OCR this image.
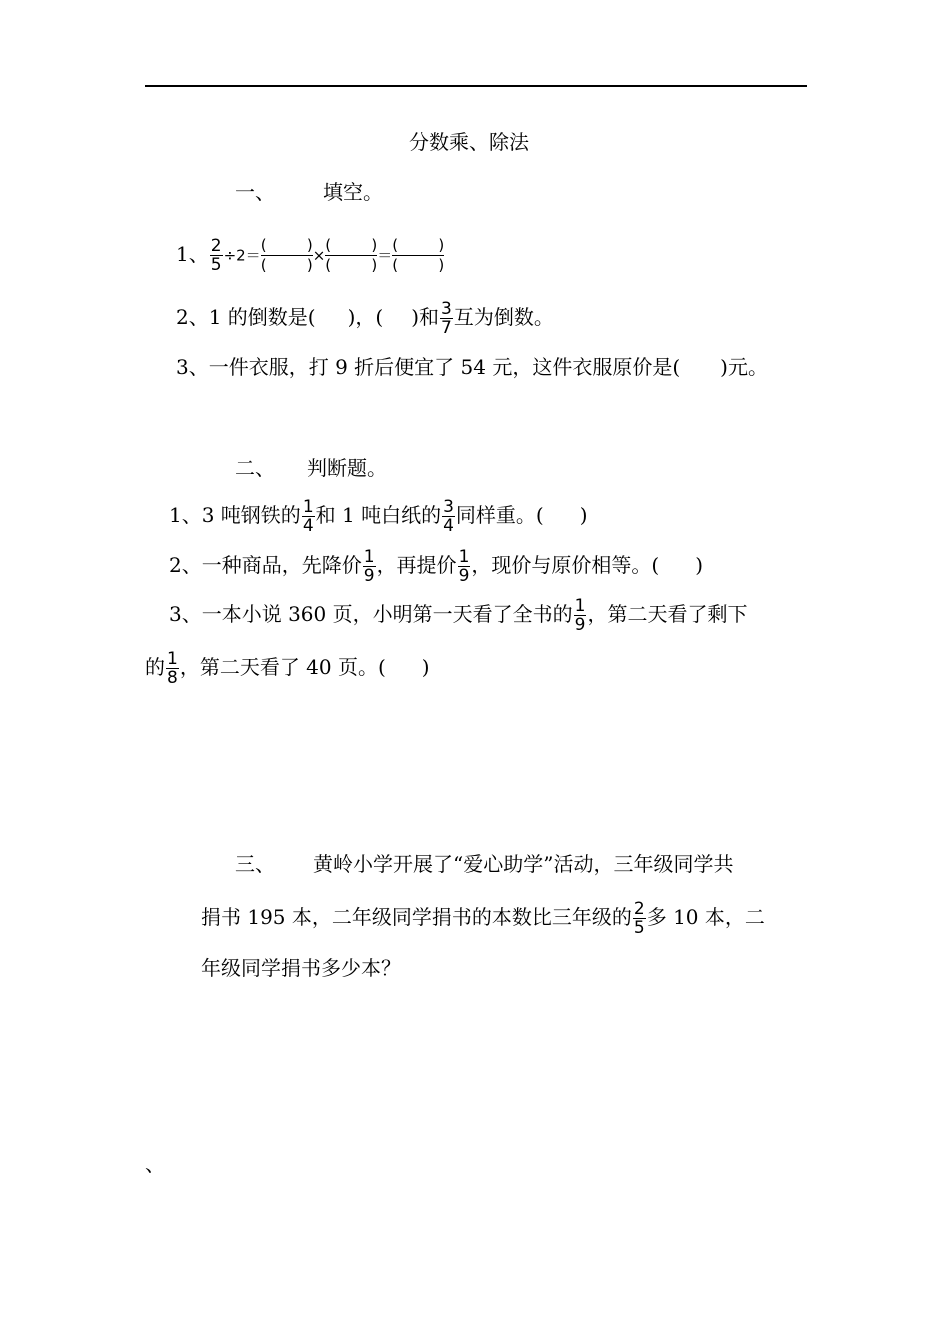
分数乘、除法
一、 填空。
1、 $\frac{2}{5} \div 2=$ (	)
(	) × (	)
(	) ＝ (	)
(	)
2、1 的倒数是( )，( )和 $\frac{3}{7}$ 互为倒数。
3、一件衣服，打 9 折后便宜了 54 元，这件衣服原价是( )元。
二、 判断题。
1、3 吨钢铁的 $\frac{1}{4}$ 和 1 吨白纸的 $\frac{3}{4}$ 同样重。( )
2、一种商品，先降价 $\frac{1}{9}$ ，再提价 $\frac{1}{9}$ ，现价与原价相等。( )
3、一本小说 360 页，小明第一天看了全书的 $\frac{1}{9}$ ，第二天看了剩下
的 $\frac{1}{8}$ ，第二天看了 40 页。( )
三、 黄岭小学开展了“爱心助学”活动，三年级同学共
捐书 195 本，二年级同学捐书的本数比三年级的 $\frac{2}{5}$ 多 10 本，二
年级同学捐书多少本？
、
